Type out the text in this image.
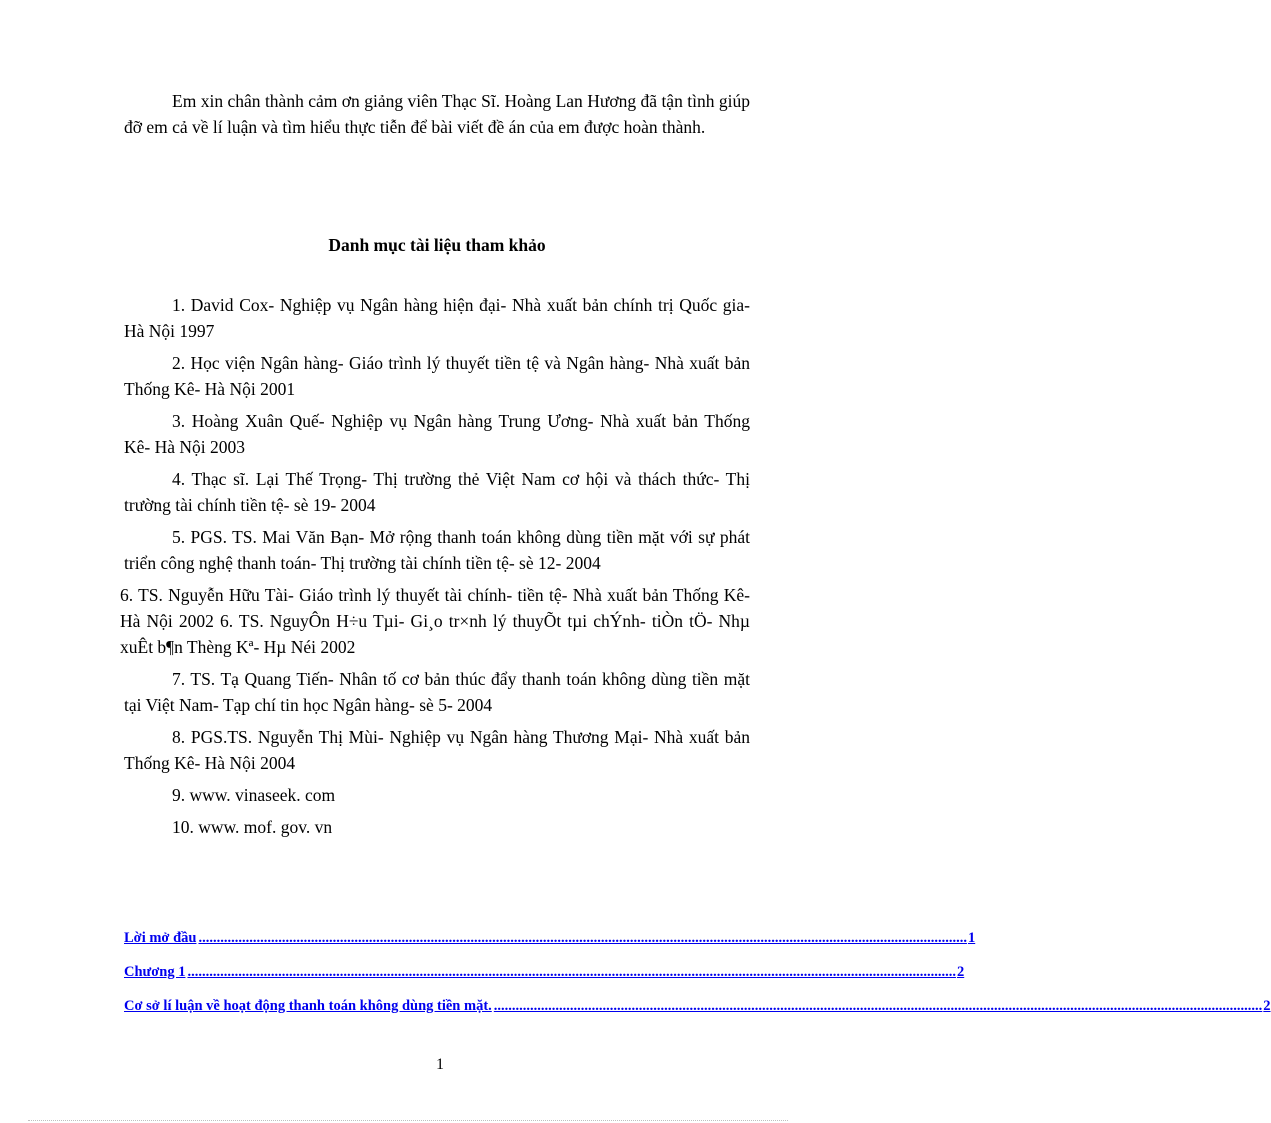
Em xin chân thành cảm ơn giảng viên Thạc Sĩ. Hoàng Lan Hương đã tận tình giúp đỡ em cả về lí luận và tìm hiểu thực tiễn để bài viết đề án của em được hoàn thành.

Danh mục tài liệu tham khảo

1. David Cox- Nghiệp vụ Ngân hàng hiện đại- Nhà xuất bản chính trị Quốc gia- Hà Nội 1997

2. Học viện Ngân hàng- Giáo trình lý thuyết tiền tệ và Ngân hàng- Nhà xuất bản Thống Kê- Hà Nội 2001

3. Hoàng Xuân Quế- Nghiệp vụ Ngân hàng Trung Ương- Nhà xuất bản Thống Kê- Hà Nội 2003

4. Thạc sĩ. Lại Thế Trọng- Thị trường thẻ Việt Nam cơ hội và thách thức- Thị trường tài chính tiền tệ- sè 19- 2004

5. PGS. TS. Mai Văn Bạn- Mở rộng thanh toán không dùng tiền mặt với sự phát triển công nghệ thanh toán- Thị trường tài chính tiền tệ- sè 12- 2004

6. TS. Nguyễn Hữu Tài- Giáo trình lý thuyết tài chính- tiền tệ- Nhà xuất bản Thống Kê- Hà Nội 2002 6. TS. NguyÔn H÷u Tµi- Gi¸o tr×nh lý thuyÕt tµi chÝnh- tiÒn tÖ- Nhµ xuÊt b¶n Thèng Kª- Hµ Néi 2002

7. TS. Tạ Quang Tiến- Nhân tố cơ bản thúc đẩy thanh toán không dùng tiền mặt tại Việt Nam- Tạp chí tin học Ngân hàng- sè 5- 2004

8. PGS.TS. Nguyễn Thị Mùi- Nghiệp vụ Ngân hàng Thương Mại- Nhà xuất bản Thống Kê- Hà Nội 2004

9. www. vinaseek. com

10. www. mof. gov. vn

Lời mở đầu .................................................................................................................................................................................................................... 1
Chương 1 .................................................................................................................................................................................................................... 2
Cơ sở lí luận về hoạt động thanh toán không dùng tiền mặt. .................................................................................................................................................................................................................... 2
1
